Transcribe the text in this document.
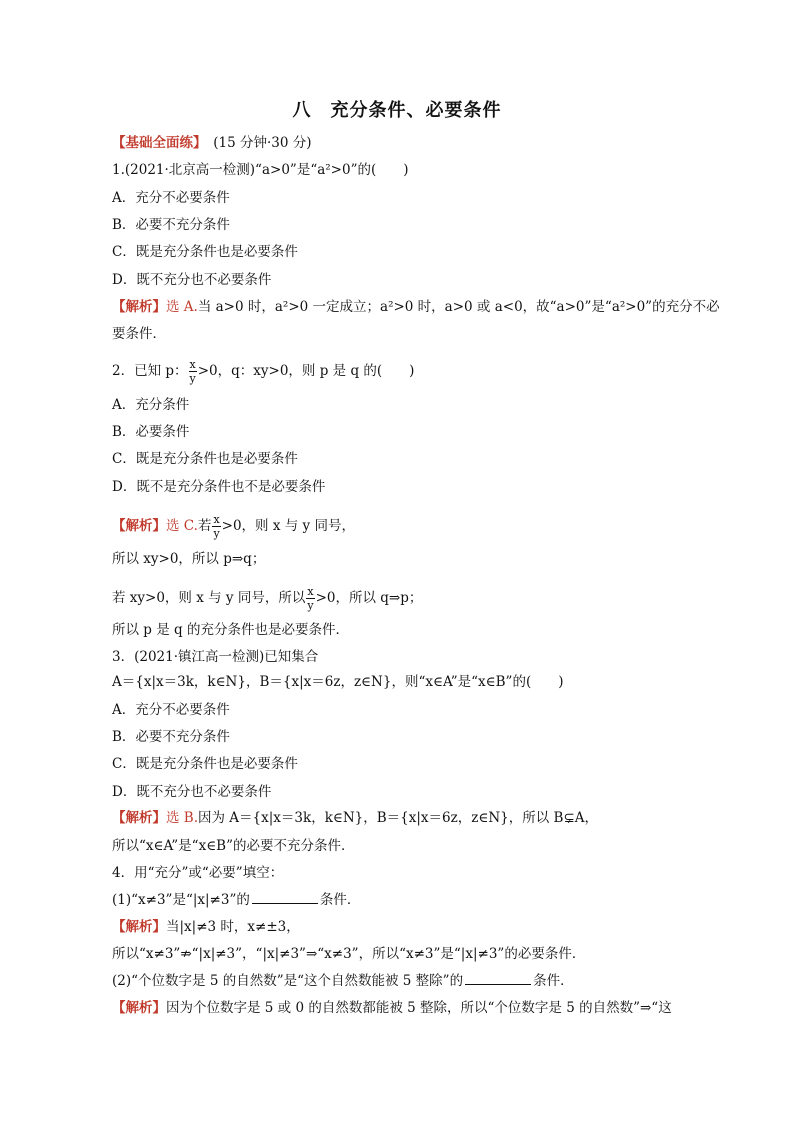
八　充分条件、必要条件
【基础全面练】　(15 分钟·30 分)
1.(2021·北京高一检测)“a>0”是“a²>0”的(　　)
A．充分不必要条件
B．必要不充分条件
C．既是充分条件也是必要条件
D．既不充分也不必要条件
【解析】选 A.当 a>0 时，a²>0 一定成立；a²>0 时，a>0 或 a<0，故“a>0”是“a²>0”的充分不必
要条件．
2．已知 p： $\frac{x}{y} >0$，q：xy>0，则 p 是 q 的(　　)
A．充分条件
B．必要条件
C．既是充分条件也是必要条件
D．既不是充分条件也不是必要条件
【解析】选 C.若 $\frac{x}{y} >0$，则 x 与 y 同号，
所以 xy>0，所以 p⇒q；
若 xy>0，则 x 与 y 同号，所以 $\frac{x}{y} >0$，所以 q⇒p；
所以 p 是 q 的充分条件也是必要条件．
3．(2021·镇江高一检测)已知集合
A＝{x|x＝3k，k∈N}，B＝{x|x＝6z，z∈N}，则“x∈A”是“x∈B”的(　　)
A．充分不必要条件
B．必要不充分条件
C．既是充分条件也是必要条件
D．既不充分也不必要条件
【解析】选 B.因为 A＝{x|x＝3k，k∈N}，B＝{x|x＝6z，z∈N}，所以 B⊊A，
所以“x∈A”是“x∈B”的必要不充分条件．
4．用“充分”或“必要”填空：
(1)“x≠3”是“|x|≠3”的	条件．
【解析】当|x|≠3 时，x≠±3，
所以“x≠3”⇏“|x|≠3”，“|x|≠3”⇒“x≠3”，所以“x≠3”是“|x|≠3”的必要条件．
(2)“个位数字是 5 的自然数”是“这个自然数能被 5 整除”的	条件．
【解析】因为个位数字是 5 或 0 的自然数都能被 5 整除，所以“个位数字是 5 的自然数”⇒“这
